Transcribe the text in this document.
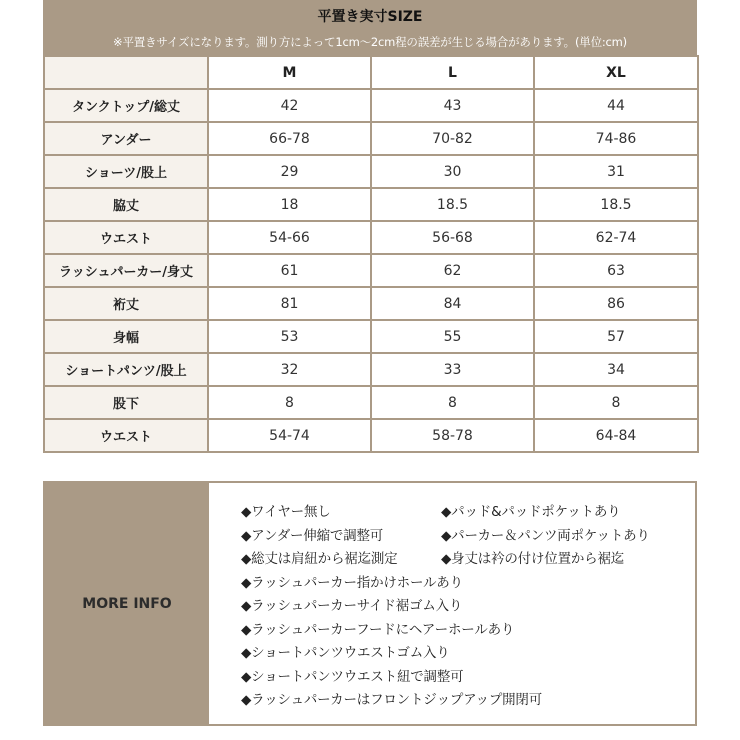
平置き実寸SIZE
※平置きサイズになります。測り方によって1cm〜2cm程の誤差が生じる場合があります。(単位:cm)
	M	L	XL
タンクトップ/総丈	42	43	44
アンダー	66-78	70-82	74-86
ショーツ/股上	29	30	31
脇丈	18	18.5	18.5
ウエスト	54-66	56-68	62-74
ラッシュパーカー/身丈	61	62	63
裄丈	81	84	86
身幅	53	55	57
ショートパンツ/股上	32	33	34
股下	8	8	8
ウエスト	54-74	58-78	64-84
MORE INFO
◆ワイヤー無し	◆パッド&パッドポケットあり
◆アンダー伸縮で調整可	◆パーカー＆パンツ両ポケットあり
◆総丈は肩紐から裾迄測定	◆身丈は衿の付け位置から裾迄
◆ラッシュパーカー指かけホールあり
◆ラッシュパーカーサイド裾ゴム入り
◆ラッシュパーカーフードにヘアーホールあり
◆ショートパンツウエストゴム入り
◆ショートパンツウエスト紐で調整可
◆ラッシュパーカーはフロントジップアップ開閉可
